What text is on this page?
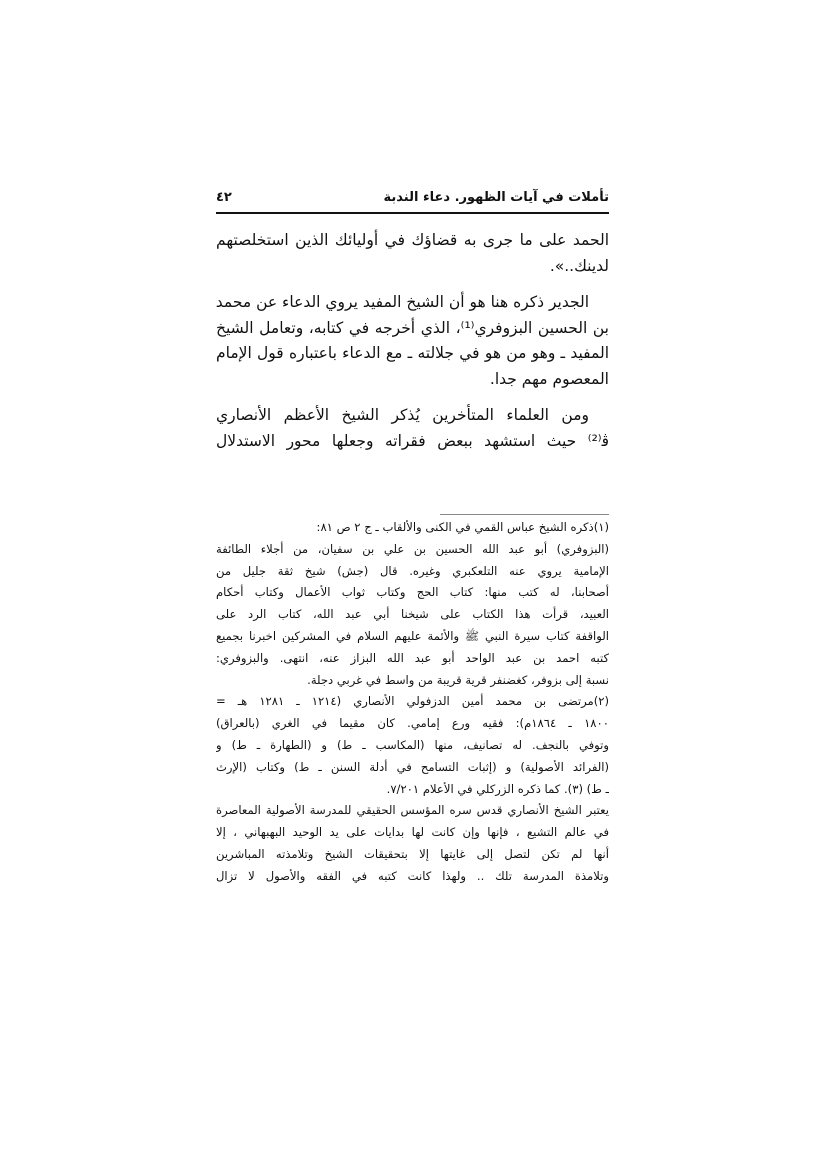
تأملات في آيات الظهور. دعاء الندبة
٤٢
الحمد على ما جرى به قضاؤك في أوليائك الذين استخلصتهم
لدينك..».
الجدير ذكره هنا هو أن الشيخ المفيد يروي الدعاء عن محمد
بن الحسين البزوفري⁽¹⁾، الذي أخرجه في كتابه، وتعامل الشيخ
المفيد ـ وهو من هو في جلالته ـ مع الدعاء باعتباره قول الإمام
المعصوم مهم جدا.
ومن العلماء المتأخرين يُذكر الشيخ الأعظم الأنصاري
ﭬ⁽²⁾ حيث استشهد ببعض فقراته وجعلها محور الاستدلال
(١)ذكره الشيخ عباس القمي في الكنى والألقاب ـ ج ٢ ص ٨١:
(البزوفري) أبو عبد الله الحسين بن علي بن سفيان، من أجلاء الطائفة
الإمامية يروي عنه التلعكبري وغيره. قال (جش) شيخ ثقة جليل من
أصحابنا، له كتب منها: كتاب الحج وكتاب ثواب الأعمال وكتاب أحكام
العبيد، قرأت هذا الكتاب على شيخنا أبي عبد الله، كتاب الرد على
الواقفة كتاب سيرة النبي ﷺ والأئمة عليهم السلام في المشركين اخبرنا بجميع
كتبه احمد بن عبد الواحد أبو عبد الله البزاز عنه، انتهى. والبزوفري:
نسبة إلى بزوفر، كغضنفر قرية قريبة من واسط في غربي دجلة.
(٢)مرتضى بن محمد أمين الدزفولي الأنصاري (١٢١٤ ـ ١٢٨١ هـ =
١٨٠٠ ـ ١٨٦٤م): فقيه ورع إمامي. كان مقيما في الغري (بالعراق)
وتوفي بالنجف. له تصانيف، منها (المكاسب ـ ط) و (الطهارة ـ ط) و
(الفرائد الأصولية) و (إثبات التسامح في أدلة السنن ـ ط) وكتاب (الإرث
ـ ط) (٣). كما ذكره الزركلي في الأعلام ٧/٢٠١.
يعتبر الشيخ الأنصاري قدس سره المؤسس الحقيقي للمدرسة الأصولية المعاصرة
في عالم التشيع ، فإنها وإن كانت لها بدايات على يد الوحيد البهبهاني ، إلا
أنها لم تكن لتصل إلى غايتها إلا بتحقيقات الشيخ وتلامذته المباشرين
وتلامذة المدرسة تلك .. ولهذا كانت كتبه في الفقه والأصول لا تزال
